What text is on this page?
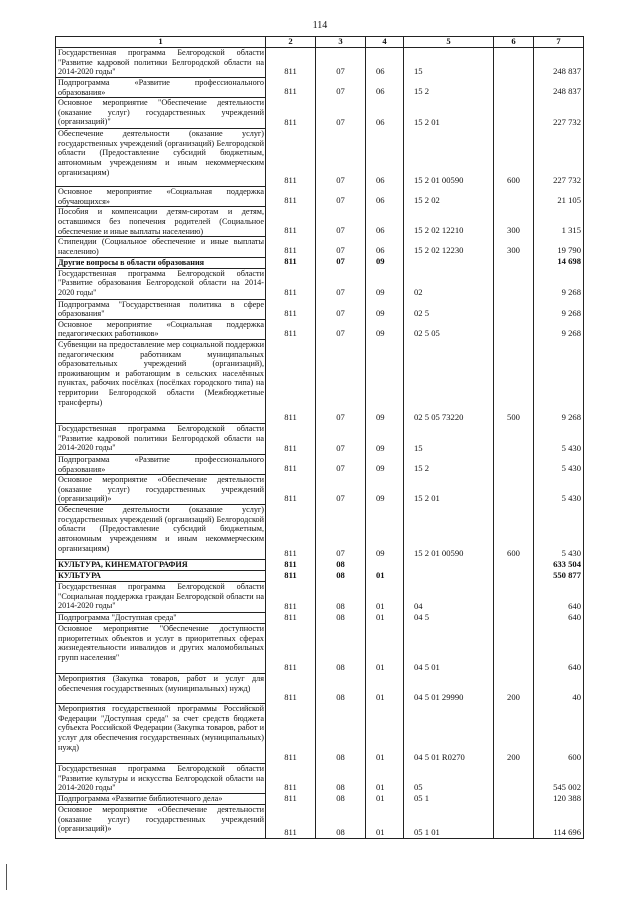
114
1	2	3	4	5	6	7
Государственная программа Белгородской области "Развитие кадровой политики Белгородской области на 2014-2020 годы"	811	07	06	15		248 837
Подпрограмма «Развитие профессионального образования»	811	07	06	15 2		248 837
Основное мероприятие "Обеспечение деятельности (оказание услуг) государственных учреждений (организаций)"	811	07	06	15 2 01		227 732
Обеспечение деятельности (оказание услуг) государственных учреждений (организаций) Белгородской области (Предоставление субсидий бюджетным, автономным учреждениям и иным некоммерческим организациям)	811	07	06	15 2 01 00590	600	227 732
Основное мероприятие «Социальная поддержка обучающихся»	811	07	06	15 2 02		21 105
Пособия и компенсации детям-сиротам и детям, оставшимся без попечения родителей (Социальное обеспечение и иные выплаты населению)	811	07	06	15 2 02 12210	300	1 315
Стипендии (Социальное обеспечение и иные выплаты населению)	811	07	06	15 2 02 12230	300	19 790
Другие вопросы в области образования	811	07	09			14 698
Государственная программа Белгородской области "Развитие образования Белгородской области на 2014-2020 годы"	811	07	09	02		9 268
Подпрограмма "Государственная политика в сфере образования"	811	07	09	02 5		9 268
Основное мероприятие «Социальная поддержка педагогических работников»	811	07	09	02 5 05		9 268
Субвенции на предоставление мер социальной поддержки педагогическим работникам муниципальных образовательных учреждений (организаций), проживающим и работающим в сельских населённых пунктах, рабочих посёлках (посёлках городского типа) на территории Белгородской области (Межбюджетные трансферты)	811	07	09	02 5 05 73220	500	9 268
Государственная программа Белгородской области "Развитие кадровой политики Белгородской области на 2014-2020 годы"	811	07	09	15		5 430
Подпрограмма «Развитие профессионального образования»	811	07	09	15 2		5 430
Основное мероприятие «Обеспечение деятельности (оказание услуг) государственных учреждений (организаций)»	811	07	09	15 2 01		5 430
Обеспечение деятельности (оказание услуг) государственных учреждений (организаций) Белгородской области (Предоставление субсидий бюджетным, автономным учреждениям и иным некоммерческим организациям)	811	07	09	15 2 01 00590	600	5 430
КУЛЬТУРА, КИНЕМАТОГРАФИЯ	811	08				633 504
КУЛЬТУРА	811	08	01			550 877
Государственная программа Белгородской области "Социальная поддержка граждан Белгородской области на 2014-2020 годы"	811	08	01	04		640
Подпрограмма "Доступная среда"	811	08	01	04 5		640
Основное мероприятие "Обеспечение доступности приоритетных объектов и услуг в приоритетных сферах жизнедеятельности инвалидов и других маломобильных групп населения"	811	08	01	04 5 01		640
Мероприятия (Закупка товаров, работ и услуг для обеспечения государственных (муниципальных) нужд)	811	08	01	04 5 01 29990	200	40
Мероприятия государственной программы Российской Федерации "Доступная среда" за счет средств бюджета субъекта Российской Федерации (Закупка товаров, работ и услуг для обеспечения государственных (муниципальных) нужд)	811	08	01	04 5 01 R0270	200	600
Государственная программа Белгородской области "Развитие культуры и искусства Белгородской области на 2014-2020 годы"	811	08	01	05		545 002
Подпрограмма «Развитие библиотечного дела»	811	08	01	05 1		120 388
Основное мероприятие «Обеспечение деятельности (оказание услуг) государственных учреждений (организаций)»	811	08	01	05 1 01		114 696
